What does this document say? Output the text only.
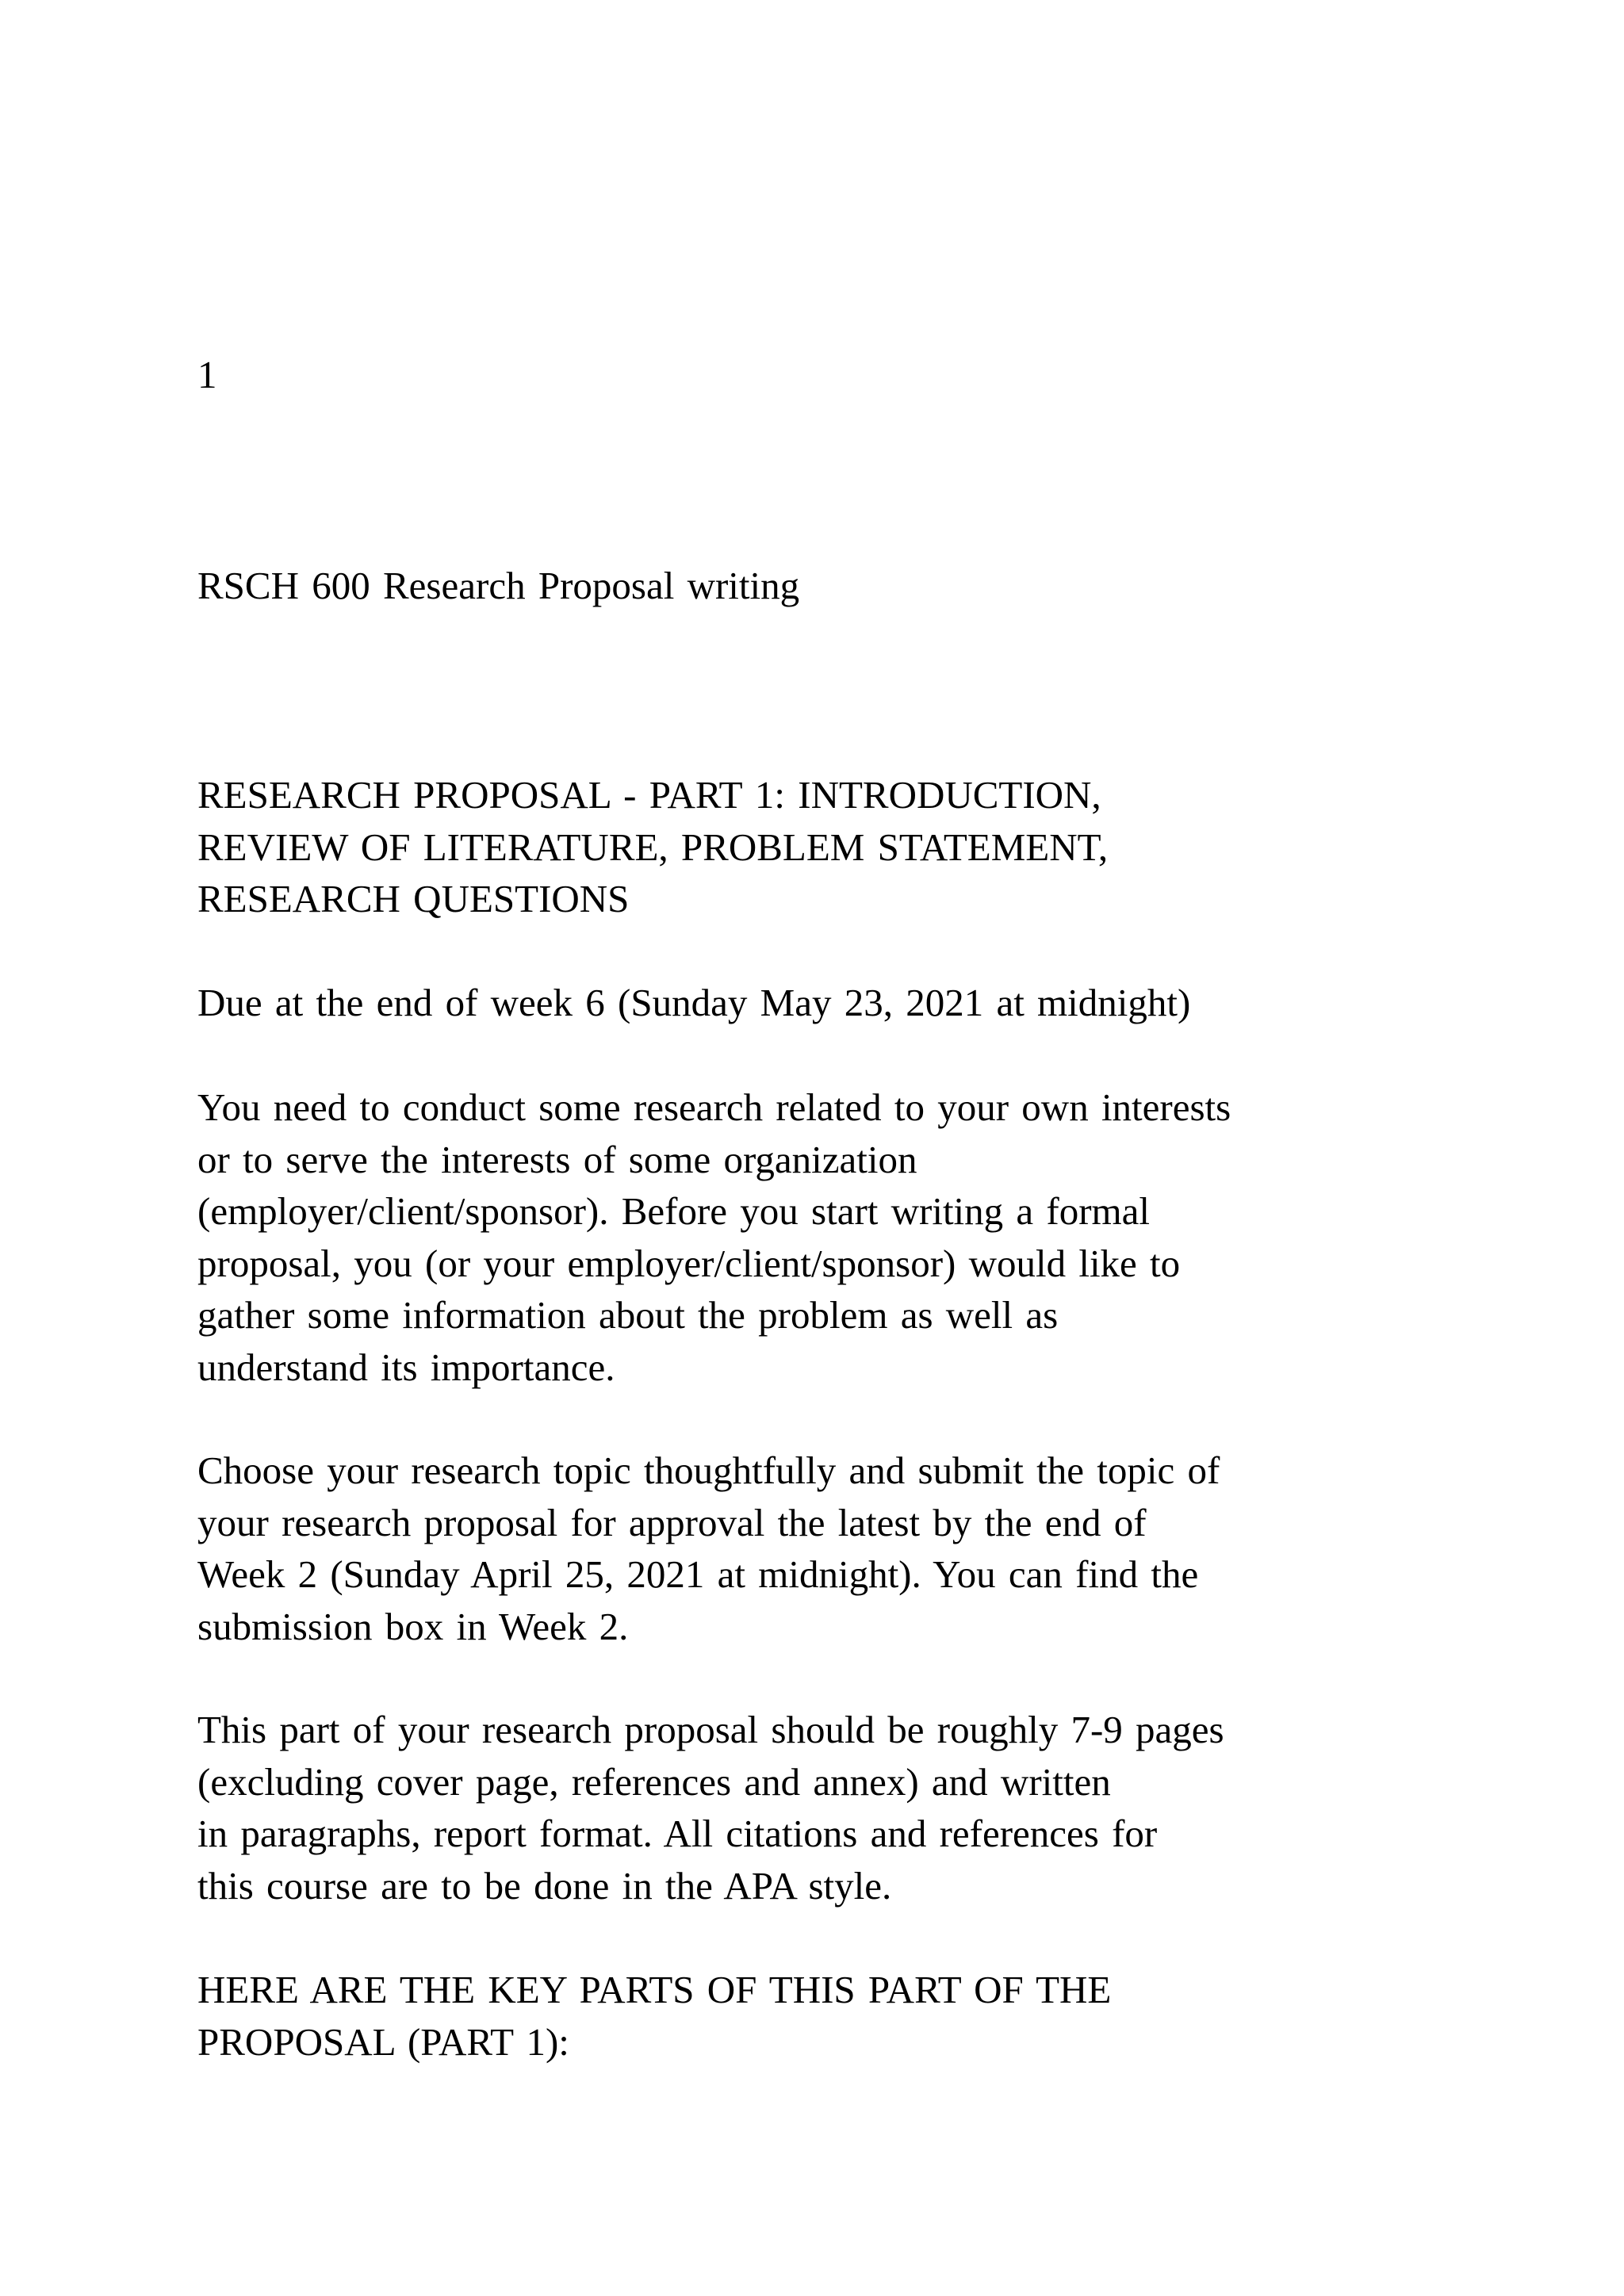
1

RSCH 600 Research Proposal writing

RESEARCH PROPOSAL - PART 1: INTRODUCTION,
REVIEW OF LITERATURE, PROBLEM STATEMENT,
RESEARCH QUESTIONS

Due at the end of week 6 (Sunday May 23, 2021 at midnight)

You need to conduct some research related to your own interests
or to serve the interests of some organization
(employer/client/sponsor). Before you start writing a formal
proposal, you (or your employer/client/sponsor) would like to
gather some information about the problem as well as
understand its importance.

Choose your research topic thoughtfully and submit the topic of
your research proposal for approval the latest by the end of
Week 2 (Sunday April 25, 2021 at midnight). You can find the
submission box in Week 2.

This part of your research proposal should be roughly 7-9 pages
(excluding cover page, references and annex) and written
in paragraphs, report format. All citations and references for
this course are to be done in the APA style.

HERE ARE THE KEY PARTS OF THIS PART OF THE
PROPOSAL (PART 1):
